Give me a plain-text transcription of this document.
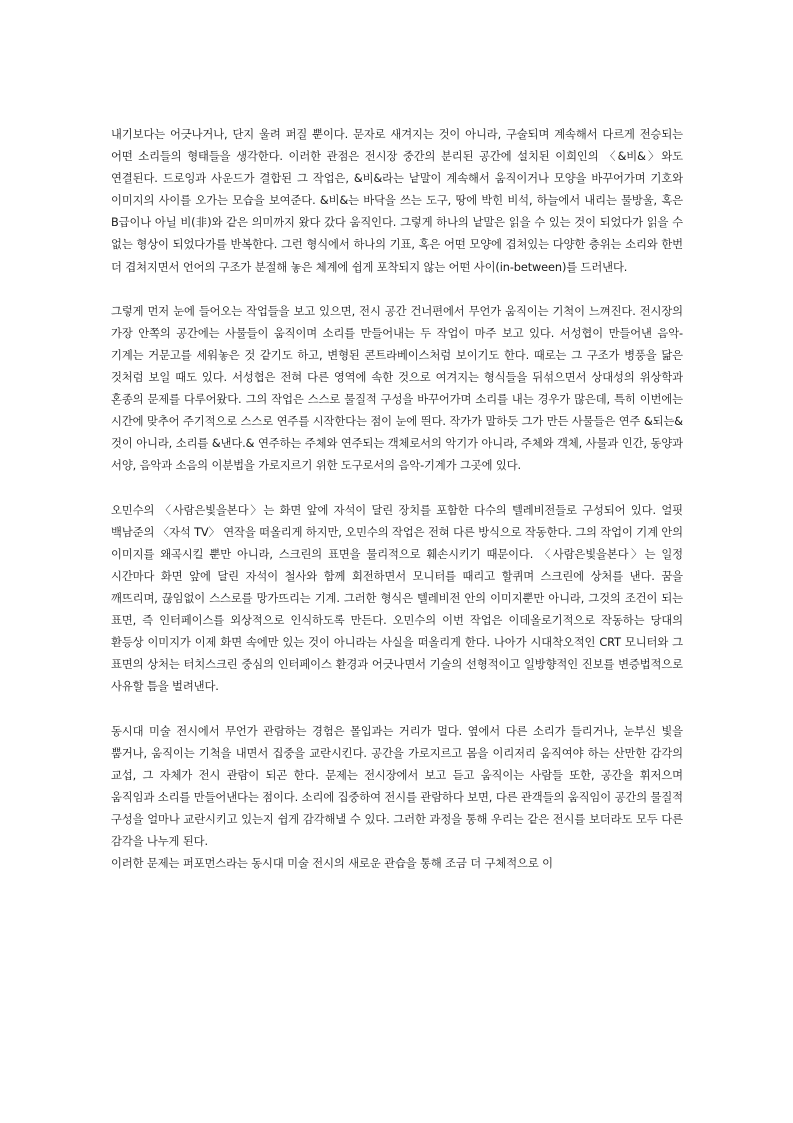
내기보다는 어긋나거나, 단지 울려 퍼질 뿐이다. 문자로 새겨지는 것이 아니라, 구술되며 계속해서 다르게 전승되는 어떤 소리들의 형태들을 생각한다. 이러한 관점은 전시장 중간의 분리된 공간에 설치된 이희인의 〈&비&〉와도 연결된다. 드로잉과 사운드가 결합된 그 작업은, &비&라는 낱말이 계속해서 움직이거나 모양을 바꾸어가며 기호와 이미지의 사이를 오가는 모습을 보여준다. &비&는 바닥을 쓰는 도구, 땅에 박힌 비석, 하늘에서 내리는 물방울, 혹은 B급이나 아닐 비(非)와 같은 의미까지 왔다 갔다 움직인다. 그렇게 하나의 낱말은 읽을 수 있는 것이 되었다가 읽을 수 없는 형상이 되었다가를 반복한다. 그런 형식에서 하나의 기표, 혹은 어떤 모양에 겹쳐있는 다양한 층위는 소리와 한번 더 겹쳐지면서 언어의 구조가 분절해 놓은 체계에 쉽게 포착되지 않는 어떤 사이(in-between)를 드러낸다.

그렇게 먼저 눈에 들어오는 작업들을 보고 있으면, 전시 공간 건너편에서 무언가 움직이는 기척이 느껴진다. 전시장의 가장 안쪽의 공간에는 사물들이 움직이며 소리를 만들어내는 두 작업이 마주 보고 있다. 서성협이 만들어낸 음악-기계는 거문고를 세워놓은 것 같기도 하고, 변형된 콘트라베이스처럼 보이기도 한다. 때로는 그 구조가 병풍을 닮은 것처럼 보일 때도 있다. 서성협은 전혀 다른 영역에 속한 것으로 여겨지는 형식들을 뒤섞으면서 상대성의 위상학과 혼종의 문제를 다루어왔다. 그의 작업은 스스로 물질적 구성을 바꾸어가며 소리를 내는 경우가 많은데, 특히 이번에는 시간에 맞추어 주기적으로 스스로 연주를 시작한다는 점이 눈에 띈다. 작가가 말하듯 그가 만든 사물들은 연주 &되는& 것이 아니라, 소리를 &낸다.& 연주하는 주체와 연주되는 객체로서의 악기가 아니라, 주체와 객체, 사물과 인간, 동양과 서양, 음악과 소음의 이분법을 가로지르기 위한 도구로서의 음악-기계가 그곳에 있다.

오민수의 〈사람은빛을본다〉는 화면 앞에 자석이 달린 장치를 포함한 다수의 텔레비전들로 구성되어 있다. 얼핏 백남준의 〈자석 TV〉 연작을 떠올리게 하지만, 오민수의 작업은 전혀 다른 방식으로 작동한다. 그의 작업이 기계 안의 이미지를 왜곡시킬 뿐만 아니라, 스크린의 표면을 물리적으로 훼손시키기 때문이다. 〈사람은빛을본다〉는 일정 시간마다 화면 앞에 달린 자석이 철사와 함께 회전하면서 모니터를 때리고 할퀴며 스크린에 상처를 낸다. 꿈을 깨뜨리며, 끊임없이 스스로를 망가뜨리는 기계. 그러한 형식은 텔레비전 안의 이미지뿐만 아니라, 그것의 조건이 되는 표면, 즉 인터페이스를 외상적으로 인식하도록 만든다. 오민수의 이번 작업은 이데올로기적으로 작동하는 당대의 환등상 이미지가 이제 화면 속에만 있는 것이 아니라는 사실을 떠올리게 한다. 나아가 시대착오적인 CRT 모니터와 그 표면의 상처는 터치스크린 중심의 인터페이스 환경과 어긋나면서 기술의 선형적이고 일방향적인 진보를 변증법적으로 사유할 틈을 벌려낸다.

동시대 미술 전시에서 무언가 관람하는 경험은 몰입과는 거리가 멀다. 옆에서 다른 소리가 들리거나, 눈부신 빛을 뿜거나, 움직이는 기척을 내면서 집중을 교란시킨다. 공간을 가로지르고 몸을 이리저리 움직여야 하는 산만한 감각의 교섭, 그 자체가 전시 관람이 되곤 한다. 문제는 전시장에서 보고 듣고 움직이는 사람들 또한, 공간을 휘저으며 움직임과 소리를 만들어낸다는 점이다. 소리에 집중하여 전시를 관람하다 보면, 다른 관객들의 움직임이 공간의 물질적 구성을 얼마나 교란시키고 있는지 쉽게 감각해낼 수 있다. 그러한 과정을 통해 우리는 같은 전시를 보더라도 모두 다른 감각을 나누게 된다.

이러한 문제는 퍼포먼스라는 동시대 미술 전시의 새로운 관습을 통해 조금 더 구체적으로 이
